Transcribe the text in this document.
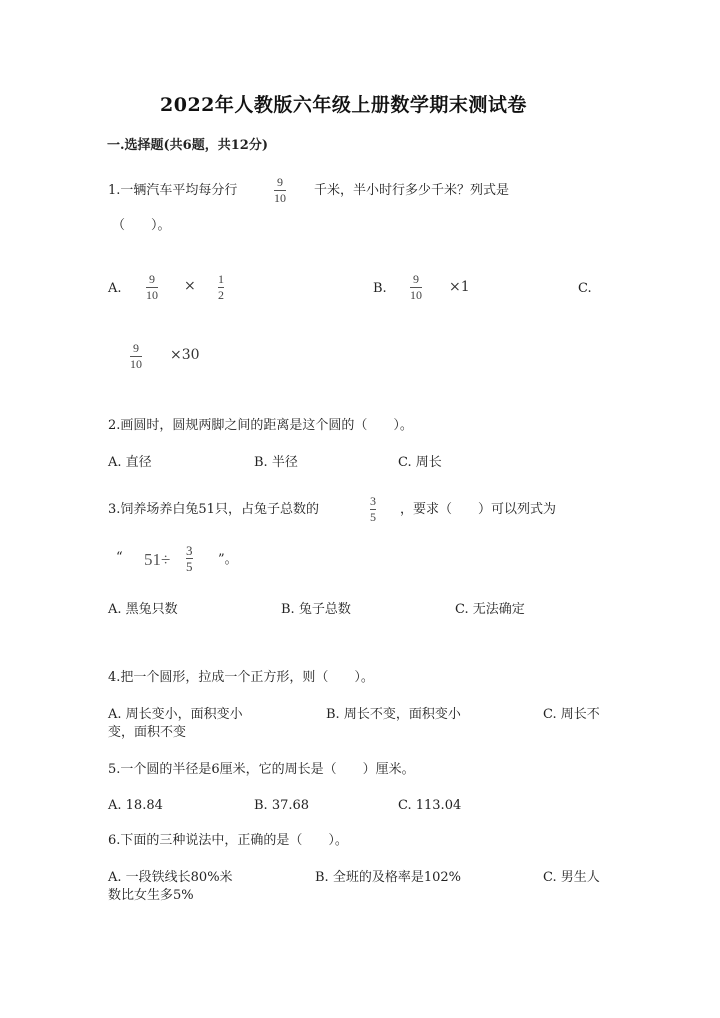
2022年人教版六年级上册数学期末测试卷
一.选择题(共6题，共12分)
1.一辆汽车平均每分行
9
10 千米，半小时行多少千米？列式是
（　　）。
A.
9
10
× 1
2	B.
9
10 ×1	C.
9
10
×30
2.画圆时，圆规两脚之间的距离是这个圆的（　　）。
A. 直径	B. 半径	C. 周长
3.饲养场养白兔51只，占兔子总数的
3
5 ，要求（　　）可以列式为
“ 51÷ 3
5 ”。
A. 黑兔只数	B. 兔子总数	C. 无法确定
4.把一个圆形，拉成一个正方形，则（　　）。
A. 周长变小，面积变小	B. 周长不变，面积变小	C. 周长不
变，面积不变
5.一个圆的半径是6厘米，它的周长是（　　）厘米。
A. 18.84	B. 37.68	C. 113.04
6.下面的三种说法中，正确的是（　　）。
A. 一段铁线长80%米	B. 全班的及格率是102%	C. 男生人
数比女生多5%
